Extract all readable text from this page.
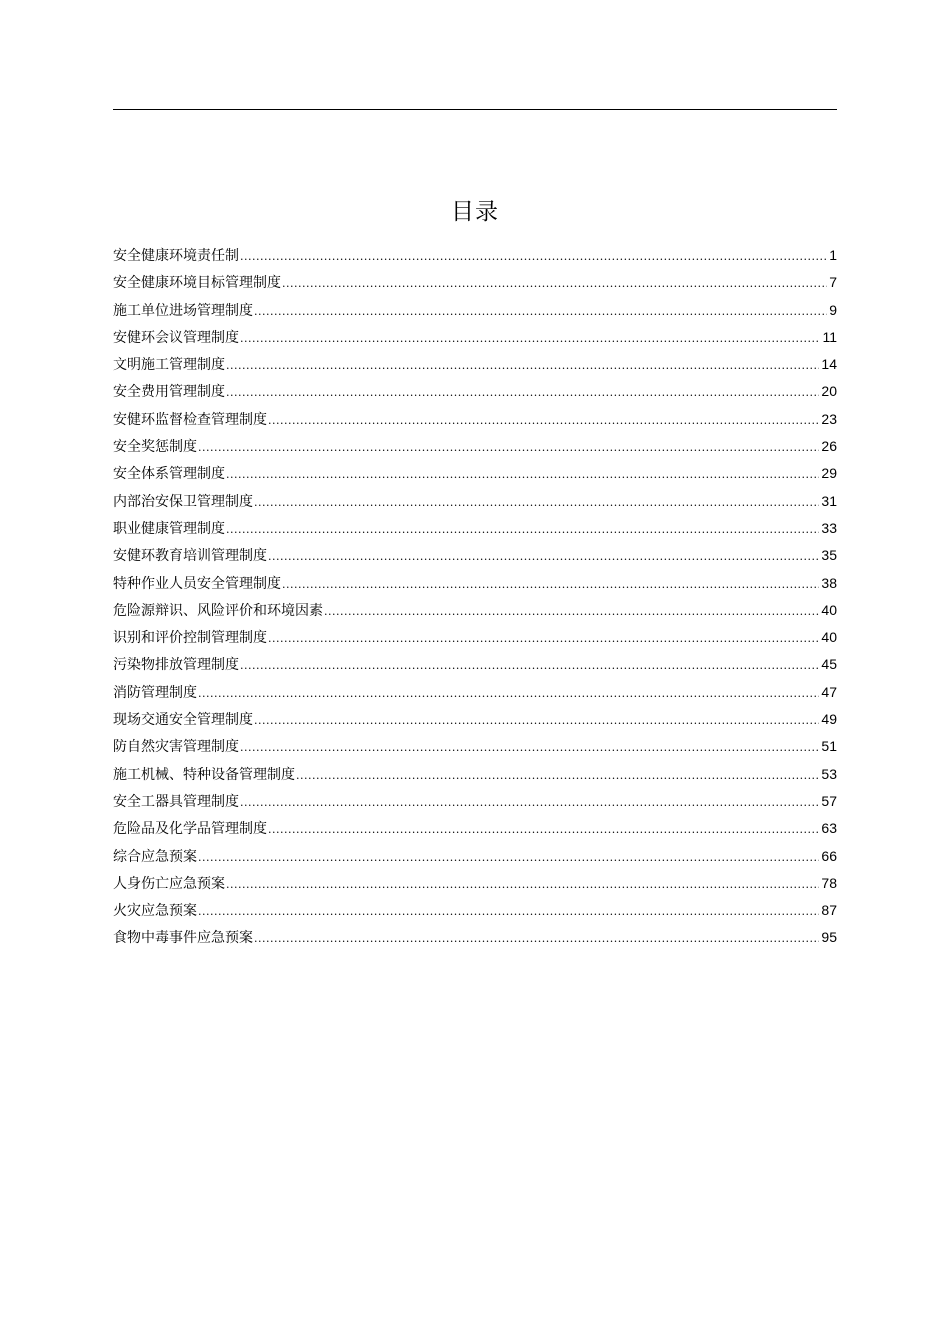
目录
安全健康环境责任制 .....	1
安全健康环境目标管理制度 .....	7
施工单位进场管理制度 .....	9
安健环会议管理制度 .....	11
文明施工管理制度 .....	14
安全费用管理制度 .....	20
安健环监督检查管理制度 .....	23
安全奖惩制度 .....	26
安全体系管理制度 .....	29
内部治安保卫管理制度 .....	31
职业健康管理制度 .....	33
安健环教育培训管理制度 .....	35
特种作业人员安全管理制度 .....	38
危险源辩识、风险评价和环境因素 .....	40
识别和评价控制管理制度 .....	40
污染物排放管理制度 .....	45
消防管理制度 .....	47
现场交通安全管理制度 .....	49
防自然灾害管理制度 .....	51
施工机械、特种设备管理制度 .....	53
安全工器具管理制度 .....	57
危险品及化学品管理制度 .....	63
综合应急预案 .....	66
人身伤亡应急预案 .....	78
火灾应急预案 .....	87
食物中毒事件应急预案 .....	95
